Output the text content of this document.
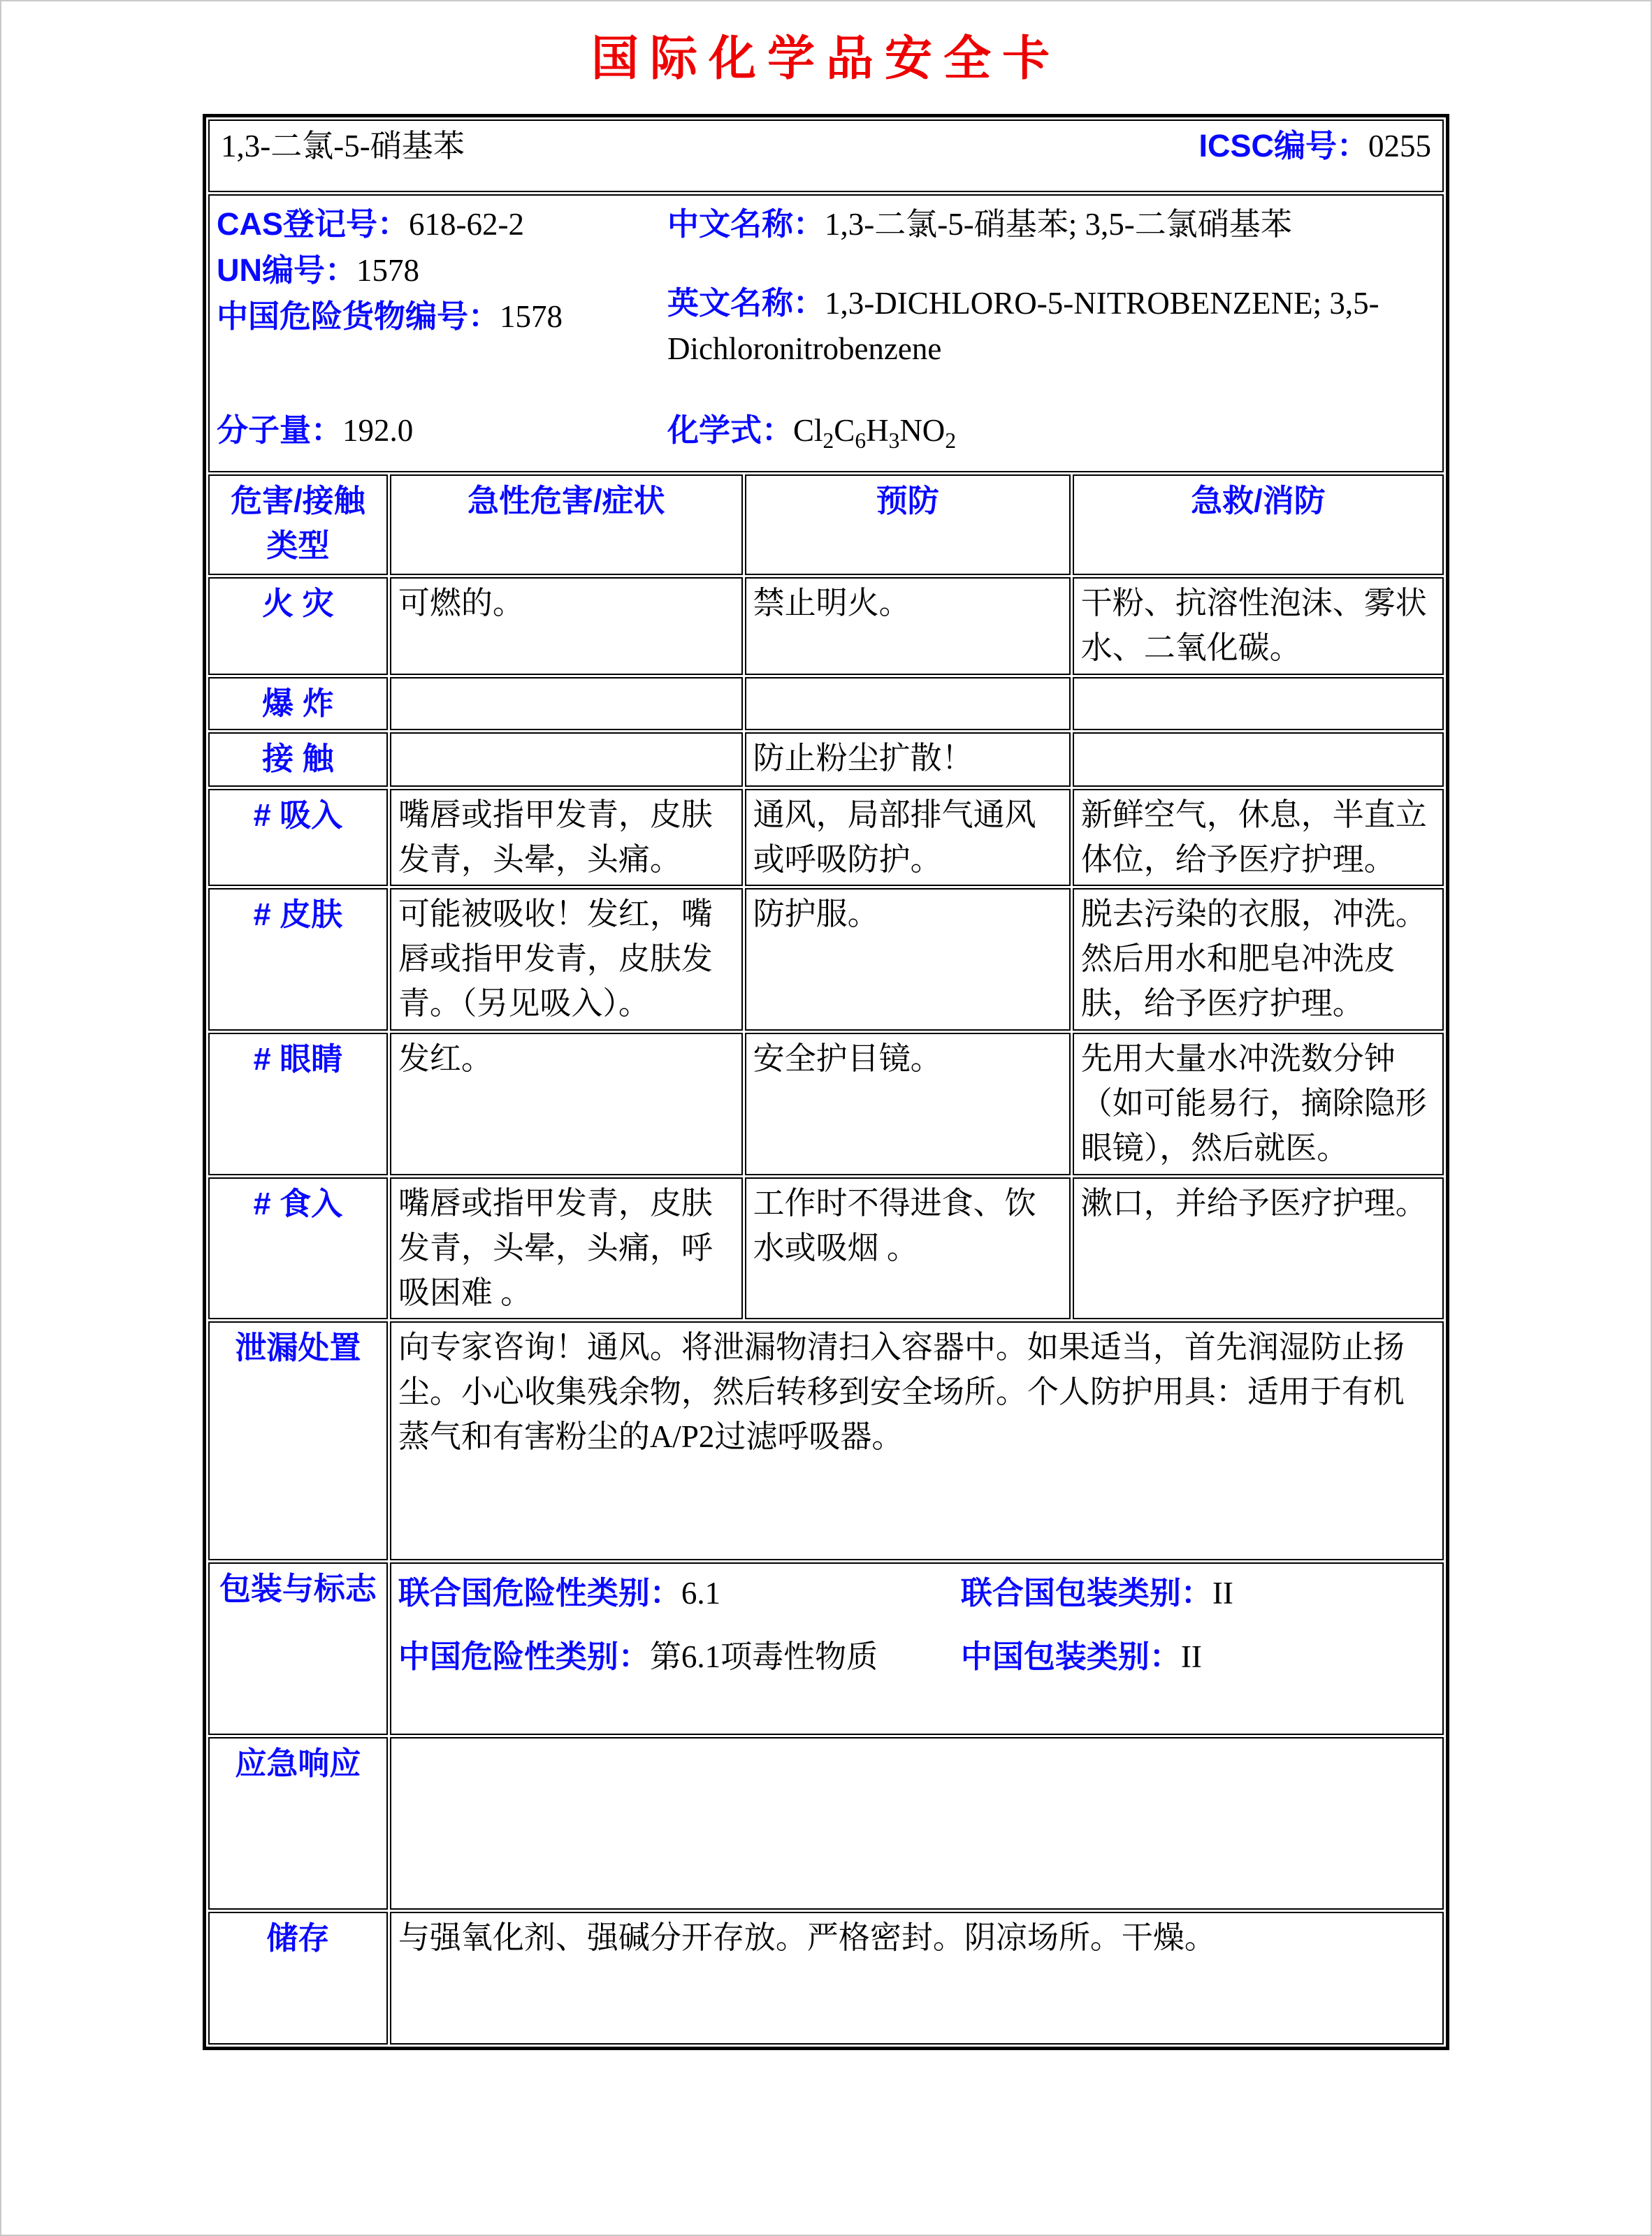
国际化学品安全卡
1,3-二氯-5-硝基苯 ICSC编号：0255			

CAS登记号：618-62-2
UN编号：1578
中国危险货物编号：1578
中文名称：1,3-二氯-5-硝基苯; 3,5-二氯硝基苯
英文名称：1,3-DICHLORO-5-NITROBENZENE; 3,5-Dichloronitrobenzene
分子量：192.0	化学式：$Cl_2C_6H_3NO_2$

危害/接触类型	急性危害/症状	预防	急救/消防
火 灾	可燃的。	禁止明火。	干粉、抗溶性泡沫、雾状水、二氧化碳。
爆 炸			
接 触		防止粉尘扩散！	
# 吸入	嘴唇或指甲发青，皮肤发青，头晕，头痛。	通风，局部排气通风或呼吸防护。	新鲜空气，休息，半直立体位，给予医疗护理。
# 皮肤	可能被吸收！发红，嘴唇或指甲发青，皮肤发青。（另见吸入）。	防护服。	脱去污染的衣服，冲洗。然后用水和肥皂冲洗皮肤，给予医疗护理。
# 眼睛	发红。	安全护目镜。	先用大量水冲洗数分钟（如可能易行，摘除隐形眼镜），然后就医。
# 食入	嘴唇或指甲发青，皮肤发青，头晕，头痛，呼吸困难 。	工作时不得进食、饮水或吸烟 。	漱口，并给予医疗护理。
泄漏处置	向专家咨询！通风。将泄漏物清扫入容器中。如果适当，首先润湿防止扬尘。小心收集残余物，然后转移到安全场所。个人防护用具：适用于有机蒸气和有害粉尘的A/P2过滤呼吸器。		
包装与标志	联合国危险性类别：6.1 联合国包装类别：II
中国危险性类别：第6.1项毒性物质 中国包装类别：II		

应急响应			
储存	与强氧化剂、强碱分开存放。严格密封。阴凉场所。干燥。		
